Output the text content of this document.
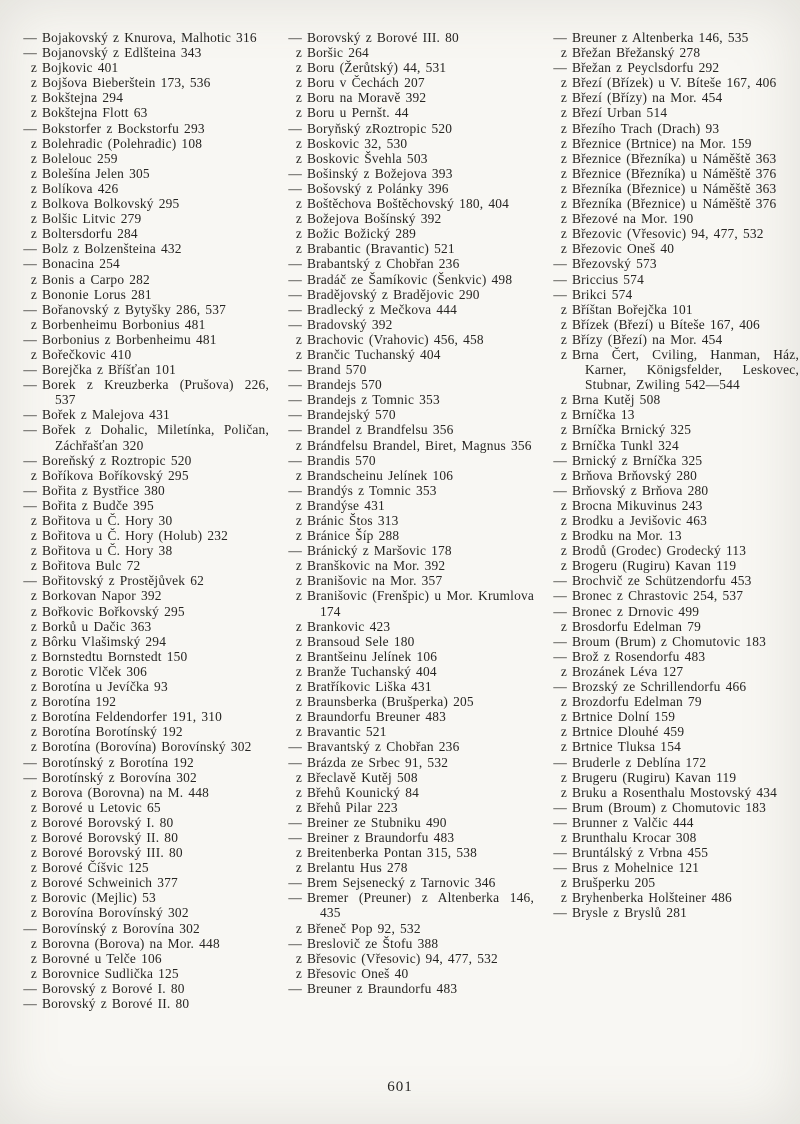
— Bojakovský z Knurova, Malhotic 316
— Bojanovský z Edlšteina 343
z Bojkovic 401
z Bojšova Bieberštein 173, 536
z Bokštejna 294
z Bokštejna Flott 63
— Bokstorfer z Bockstorfu 293
z Bolehradic (Polehradic) 108
z Bolelouc 259
z Bolešína Jelen 305
z Bolíkova 426
z Bolkova Bolkovský 295
z Bolšic Litvic 279
z Boltersdorfu 284
— Bolz z Bolzenšteina 432
— Bonacina 254
z Bonis a Carpo 282
z Bononie Lorus 281
— Bořanovský z Bytyšky 286, 537
z Borbenheimu Borbonius 481
— Borbonius z Borbenheimu 481
z Bořečkovic 410
— Borejčka z Bříšťan 101
— Borek z Kreuzberka (Prušova) 226, 537
— Bořek z Malejova 431
— Bořek z Dohalic, Miletínka, Poličan, Záchřašťan 320
— Boreňský z Roztropic 520
z Boříkova Boříkovský 295
— Bořita z Bystřice 380
— Bořita z Budče 395
z Bořitova u Č. Hory 30
z Bořitova u Č. Hory (Holub) 232
z Bořitova u Č. Hory 38
z Bořitova Bulc 72
— Bořitovský z Prostějůvek 62
z Borkovan Napor 392
z Bořkovic Bořkovský 295
z Borků u Dačic 363
z Bôrku Vlašimský 294
z Bornstedtu Bornstedt 150
z Borotic Vlček 306
z Borotína u Jevíčka 93
z Borotína 192
z Borotína Feldendorfer 191, 310
z Borotína Borotínský 192
z Borotína (Borovína) Borovínský 302
— Borotínský z Borotína 192
— Borotínský z Borovína 302
z Borova (Borovna) na M. 448
z Borové u Letovic 65
z Borové Borovský I. 80
z Borové Borovský II. 80
z Borové Borovský III. 80
z Borové Číšvic 125
z Borové Schweinich 377
z Borovic (Mejlic) 53
z Borovína Borovínský 302
— Borovínský z Borovína 302
z Borovna (Borova) na Mor. 448
z Borovné u Telče 106
z Borovnice Sudlička 125
— Borovský z Borové I. 80
— Borovský z Borové II. 80
— Borovský z Borové III. 80
z Boršic 264
z Boru (Žerůtský) 44, 531
z Boru v Čechách 207
z Boru na Moravě 392
z Boru u Pernšt. 44
— Boryňský zRoztropic 520
z Boskovic 32, 530
z Boskovic Švehla 503
— Bošinský z Božejova 393
— Bošovský z Polánky 396
z Boštěchova Boštěchovský 180, 404
z Božejova Bošínský 392
z Božic Božický 289
z Brabantic (Bravantic) 521
— Brabantský z Chobřan 236
— Bradáč ze Šamíkovic (Šenkvic) 498
— Bradějovský z Bradějovic 290
— Bradlecký z Mečkova 444
— Bradovský 392
z Brachovic (Vrahovic) 456, 458
z Brančic Tuchanský 404
— Brand 570
— Brandejs 570
— Brandejs z Tomnic 353
— Brandejský 570
— Brandel z Brandfelsu 356
z Brándfelsu Brandel, Biret, Magnus 356
— Brandis 570
z Brandscheinu Jelínek 106
— Brandýs z Tomnic 353
z Brandýse 431
z Bránic Štos 313
z Bránice Šíp 288
— Bránický z Maršovic 178
z Branškovic na Mor. 392
z Branišovic na Mor. 357
z Branišovic (Frenšpic) u Mor. Krumlova 174
z Brankovic 423
z Bransoud Sele 180
z Brantšeinu Jelínek 106
z Branže Tuchanský 404
z Bratříkovic Liška 431
z Braunsberka (Brušperka) 205
z Braundorfu Breuner 483
z Bravantic 521
— Bravantský z Chobřan 236
— Brázda ze Srbec 91, 532
z Břeclavě Kutěj 508
z Břehů Kounický 84
z Břehů Pilar 223
— Breiner ze Stubniku 490
— Breiner z Braundorfu 483
z Breitenberka Pontan 315, 538
z Brelantu Hus 278
— Brem Sejsenecký z Tarnovic 346
— Bremer (Preuner) z Altenberka 146, 435
z Břeneč Pop 92, 532
— Breslovič ze Štofu 388
z Břesovic (Vřesovic) 94, 477, 532
z Břesovic Oneš 40
— Breuner z Braundorfu 483
— Breuner z Altenberka 146, 535
z Břežan Břežanský 278
— Břežan z Peyclsdorfu 292
z Březí (Břízek) u V. Bíteše 167, 406
z Březí (Břízy) na Mor. 454
z Březí Urban 514
z Březího Trach (Drach) 93
z Březnice (Brtnice) na Mor. 159
z Březnice (Březníka) u Náměště 363
z Březnice (Březníka) u Náměště 376
z Březníka (Březnice) u Náměště 363
z Březníka (Březnice) u Náměště 376
z Březové na Mor. 190
z Březovic (Vřesovic) 94, 477, 532
z Březovic Oneš 40
— Březovský 573
— Briccius 574
— Brikci 574
z Bříštan Bořejčka 101
z Břízek (Březí) u Bíteše 167, 406
z Břízy (Březí) na Mor. 454
z Brna Čert, Cviling, Hanman, Ház, Karner, Königsfelder, Leskovec, Stubnar, Zwiling 542—544
z Brna Kutěj 508
z Brníčka 13
z Brníčka Brnický 325
z Brníčka Tunkl 324
— Brnický z Brníčka 325
z Brňova Brňovský 280
— Brňovský z Brňova 280
z Brocna Mikuvinus 243
z Brodku a Jevišovic 463
z Brodku na Mor. 13
z Brodů (Grodec) Grodecký 113
z Brogeru (Rugiru) Kavan 119
— Brochvič ze Schützendorfu 453
— Bronec z Chrastovic 254, 537
— Bronec z Drnovic 499
z Brosdorfu Edelman 79
— Broum (Brum) z Chomutovic 183
— Brož z Rosendorfu 483
z Brozánek Léva 127
— Brozský ze Schrillendorfu 466
z Brozdorfu Edelman 79
z Brtnice Dolní 159
z Brtnice Dlouhé 459
z Brtnice Tluksa 154
— Bruderle z Deblína 172
z Brugeru (Rugiru) Kavan 119
z Bruku a Rosenthalu Mostovský 434
— Brum (Broum) z Chomutovic 183
— Brunner z Valčic 444
z Brunthalu Krocar 308
— Bruntálský z Vrbna 455
— Brus z Mohelnice 121
z Brušperku 205
z Bryhenberka Holšteiner 486
— Brysle z Bryslů 281
601
